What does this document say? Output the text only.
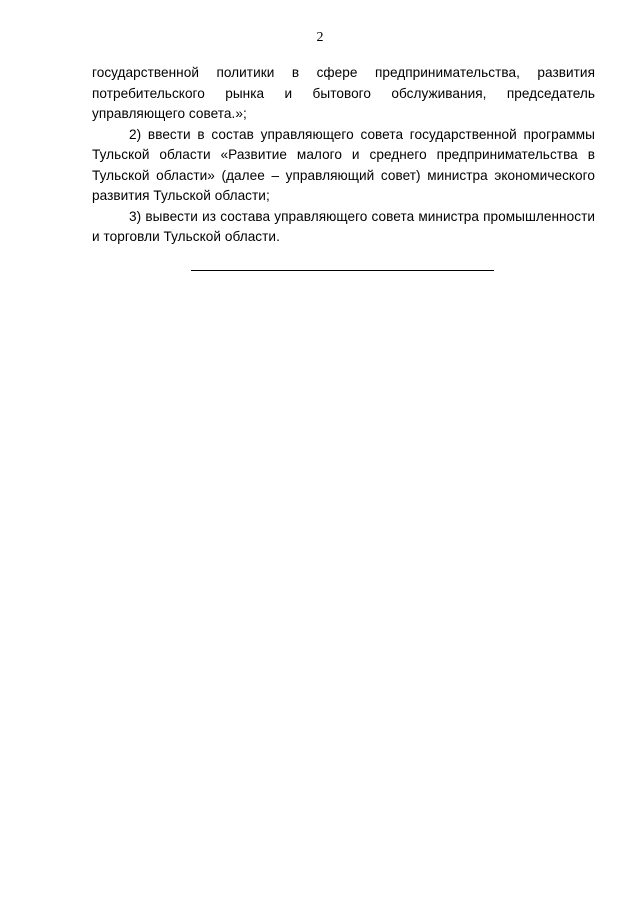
2

государственной политики в сфере предпринимательства, развития потребительского рынка и бытового обслуживания, председатель управляющего совета.»;

2) ввести в состав управляющего совета государственной программы Тульской области «Развитие малого и среднего предпринимательства в Тульской области» (далее – управляющий совет) министра экономического развития Тульской области;

3) вывести из состава управляющего совета министра промышленности и торговли Тульской области.
